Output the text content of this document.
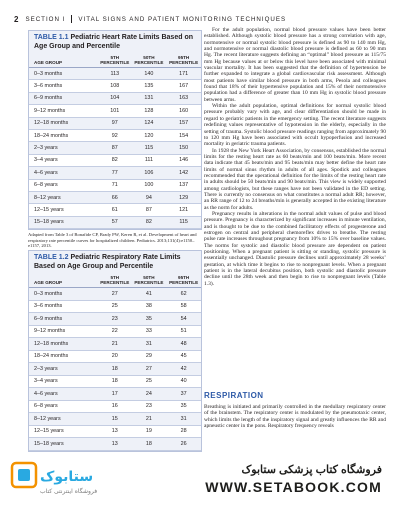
2 SECTION I VITAL SIGNS AND PATIENT MONITORING TECHNIQUES
TABLE 1.1 Pediatric Heart Rate Limits Based on Age Group and Percentile
AGE GROUP	5TH PERCENTILE	50TH PERCENTILE	95TH PERCENTILE
0–3 months	113	140	171
3–6 months	108	135	167
6–9 months	104	131	163
9–12 months	101	128	160
12–18 months	97	124	157
18–24 months	92	120	154
2–3 years	87	115	150
3–4 years	82	111	146
4–6 years	77	106	142
6–8 years	71	100	137
8–12 years	66	94	129
12–15 years	61	87	121
15–18 years	57	82	115
Adapted from Table 3 of Bonafide CP, Brady PW, Keren R, et al. Development of heart and respiratory rate percentile curves for hospitalized children. Pediatrics. 2013;131(4):e1150–e1157, 2013.
TABLE 1.2 Pediatric Respiratory Rate Limits Based on Age Group and Percentile
AGE GROUP	5TH PERCENTILE	50TH PERCENTILE	95TH PERCENTILE
0–3 months	27	41	62
3–6 months	25	38	58
6–9 months	23	35	54
9–12 months	22	33	51
12–18 months	21	31	48
18–24 months	20	29	45
2–3 years	18	27	42
3–4 years	18	25	40
4–6 years	17	24	37
6–8 years	16	23	35
8–12 years	15	21	31
12–15 years	13	19	28
15–18 years	13	18	26

For the adult population, normal blood pressure values have been better established. Although systolic blood pressure has a strong correlation with age, normotensive or normal systolic blood pressure is defined as 90 to 140 mm Hg, and normotensive or normal diastolic blood pressure is defined as 60 to 90 mm Hg. The recent literature suggests defining an “optimal” blood pressure as 115/75 mm Hg because values at or below this level have been associated with minimal vascular mortality. It has been suggested that the definition of hypertension be further expanded to integrate a global cardiovascular risk assessment. Although most patients have similar blood pressure in both arms, Pesola and colleagues found that 18% of their hypertensive population and 15% of their normotensive population had a difference of greater than 10 mm Hg in systolic blood pressure between arms.

Within the adult population, optimal definitions for normal systolic blood pressure probably vary with age, and clear differentiation should be made in regard to geriatric patients in the emergency setting. The recent literature suggests redefining values representative of hypotension in the elderly, especially in the setting of trauma. Systolic blood pressure readings ranging from approximately 90 to 120 mm Hg have been associated with occult hypoperfusion and increased mortality in geriatric trauma patients.

In 1928 the New York Heart Association, by consensus, established the normal limits for the resting heart rate as 60 beats/min and 100 beats/min. More recent data indicate that 45 beats/min and 95 beats/min may better define the heart rate limits of normal sinus rhythm in adults of all ages. Spodick and colleagues recommended that the operational definition for the limits of the resting heart rate in adults should be 50 beats/min and 90 beats/min. This view is widely supported among cardiologists, but these ranges have not been validated in the ED setting. There is currently no consensus on what constitutes a normal adult RR; however, an RR range of 12 to 24 breaths/min is generally accepted in the existing literature as the norm for adults.

Pregnancy results in alterations in the normal adult values of pulse and blood pressure. Pregnancy is characterized by significant increases in minute ventilation, and is thought to be due to the combined facilitatory effects of progesterone and estrogen on central and peripheral chemoreflex drives to breathe. The resting pulse rate increases throughout pregnancy from 10% to 15% over baseline values. The norms for systolic and diastolic blood pressure are dependent on patient positioning. When a pregnant patient is sitting or standing, systolic pressure is essentially unchanged. Diastolic pressure declines until approximately 28 weeks’ gestation, at which time it begins to rise to nonpregnant levels. When a pregnant patient is in the lateral decubitus position, both systolic and diastolic pressure decline until the 28th week and then begin to rise to nonpregnant levels (Table 1.3).

RESPIRATION

Breathing is initiated and primarily controlled in the medullary respiratory center of the brainstem. The respiratory center is modulated by the pneumotaxic center, which limits the length of the inspiratory signal and greatly influences the RR and apneustic center in the pons. Respiratory frequency reveals

ستابوک
فروشگاه اینترنتی کتاب
فروشگاه کتاب پزشکی ستابوک
WWW.SETABOOK.COM
